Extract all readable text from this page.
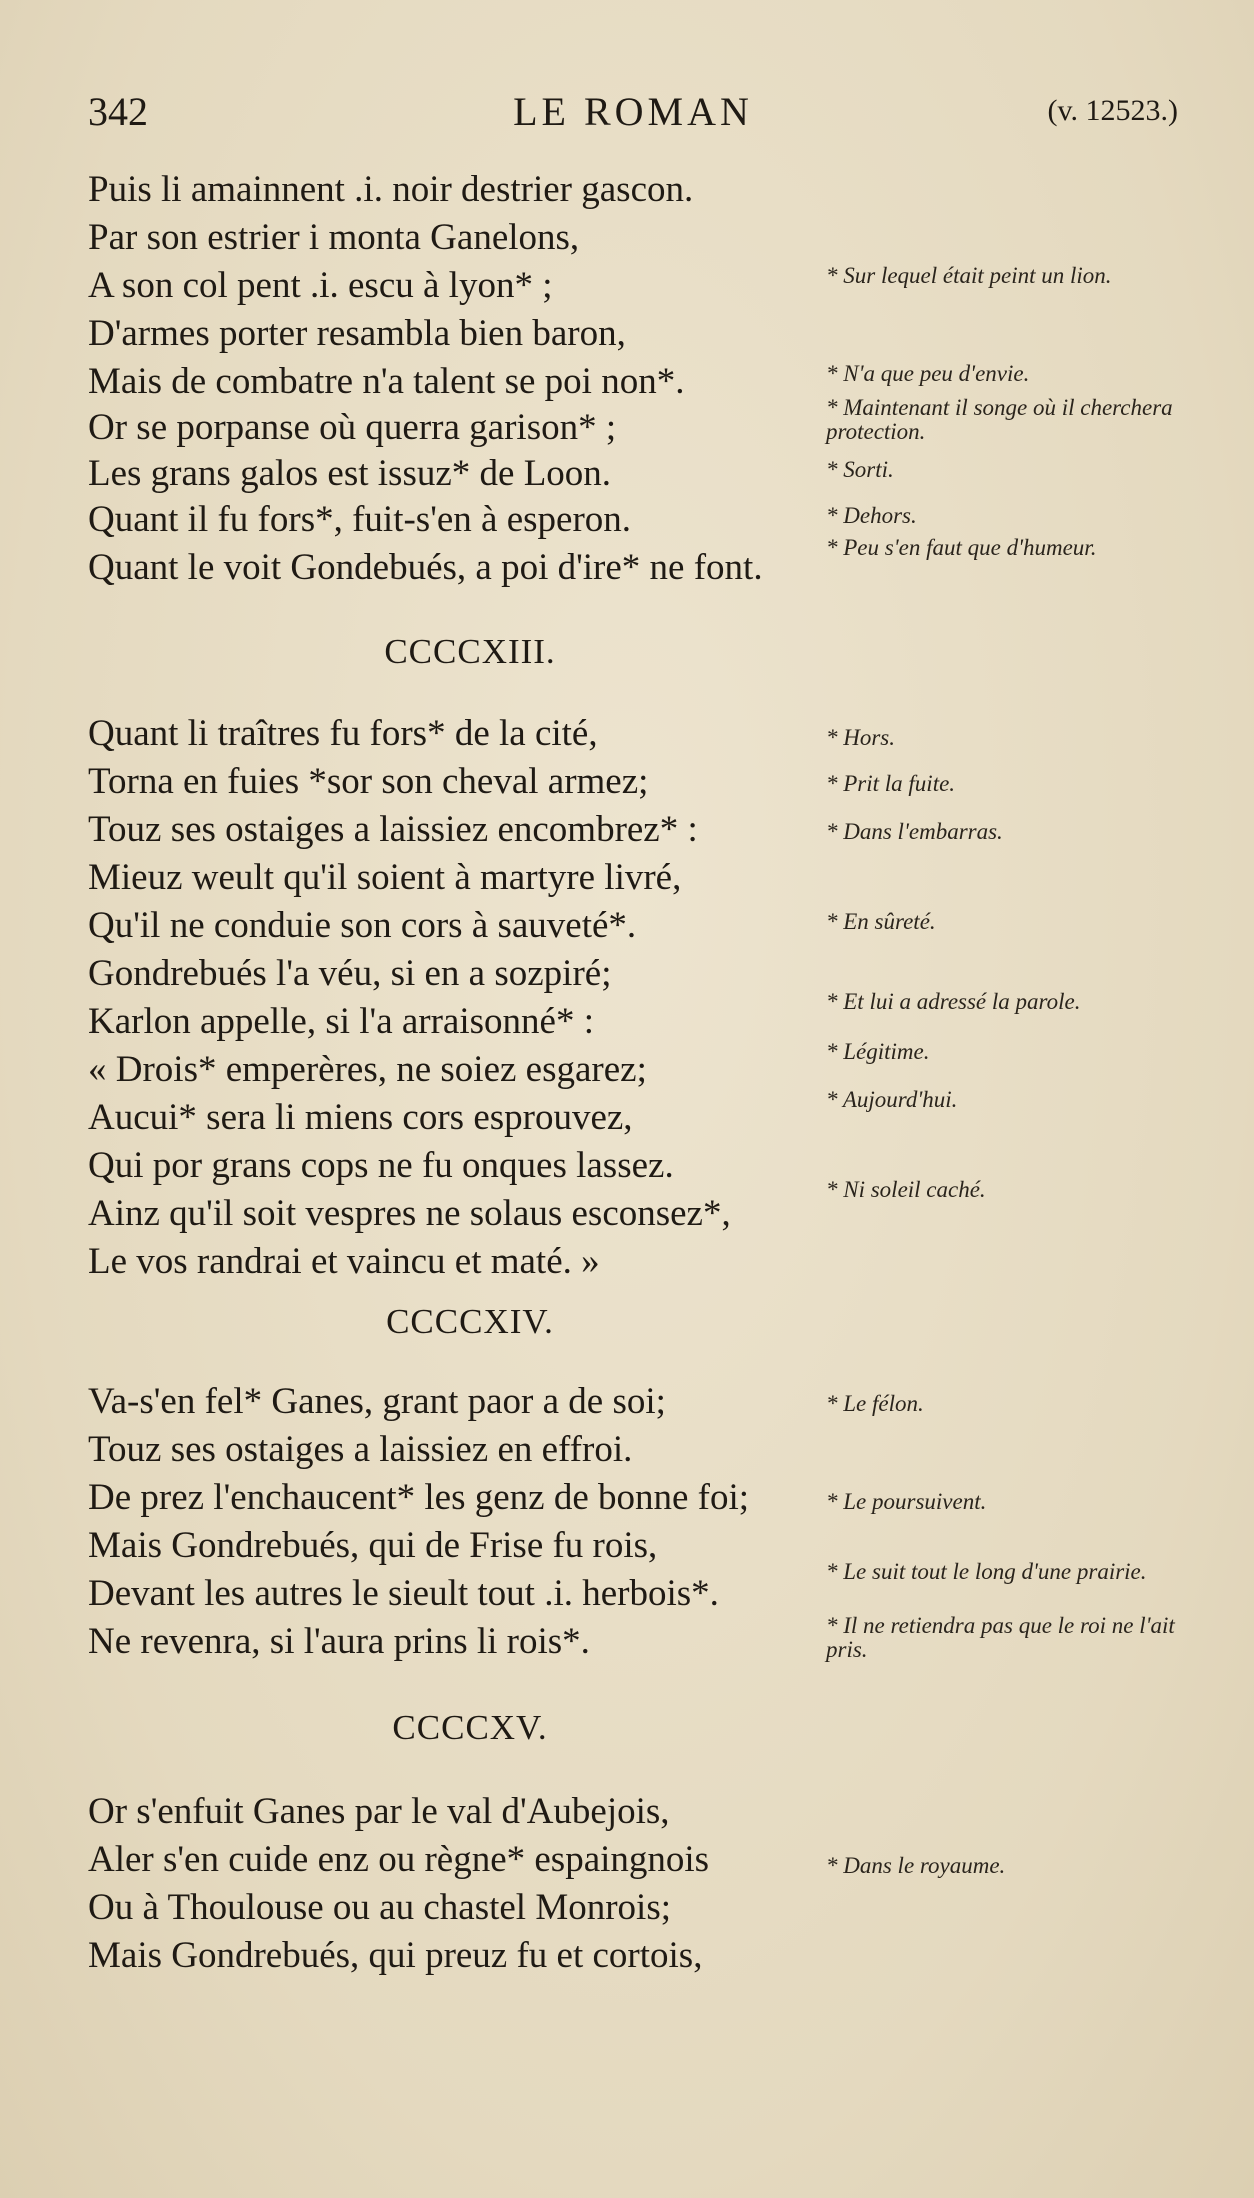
342	LE ROMAN	(v. 12523.)
Puis li amainnent .i. noir destrier gascon.
Par son estrier i monta Ganelons,
A son col pent .i. escu à lyon* ;
D'armes porter resambla bien baron,
Mais de combatre n'a talent se poi non*.
Or se porpanse où querra garison* ;
Les grans galos est issuz* de Loon.
Quant il fu fors*, fuit-s'en à esperon.
Quant le voit Gondebués, a poi d'ire* ne font.
* Sur lequel était peint un lion.
* N'a que peu d'envie.
* Maintenant il songe où il cherchera protection.
* Sorti.
* Dehors.
* Peu s'en faut que d'humeur.
CCCCXIII.
Quant li traîtres fu fors* de la cité,
Torna en fuies *sor son cheval armez;
Touz ses ostaiges a laissiez encombrez* :
Mieuz weult qu'il soient à martyre livré,
Qu'il ne conduie son cors à sauveté*.
Gondrebués l'a véu, si en a sozpiré;
Karlon appelle, si l'a arraisonné* :
« Drois* emperères, ne soiez esgarez;
Aucui* sera li miens cors esprouvez,
Qui por grans cops ne fu onques lassez.
Ainz qu'il soit vespres ne solaus esconsez*,
Le vos randrai et vaincu et maté. »
* Hors.
* Prit la fuite.
* Dans l'embarras.
* En sûreté.
* Et lui a adressé la parole.
* Légitime.
* Aujourd'hui.
* Ni soleil caché.
CCCCXIV.
Va-s'en fel* Ganes, grant paor a de soi;
Touz ses ostaiges a laissiez en effroi.
De prez l'enchaucent* les genz de bonne foi;
Mais Gondrebués, qui de Frise fu rois,
Devant les autres le sieult tout .i. herbois*.
Ne revenra, si l'aura prins li rois*.
* Le félon.
* Le poursuivent.
* Le suit tout le long d'une prairie.
* Il ne retiendra pas que le roi ne l'ait pris.
CCCCXV.
Or s'enfuit Ganes par le val d'Aubejois,
Aler s'en cuide enz ou règne* espaingnois
Ou à Thoulouse ou au chastel Monrois;
Mais Gondrebués, qui preuz fu et cortois,
* Dans le royaume.
